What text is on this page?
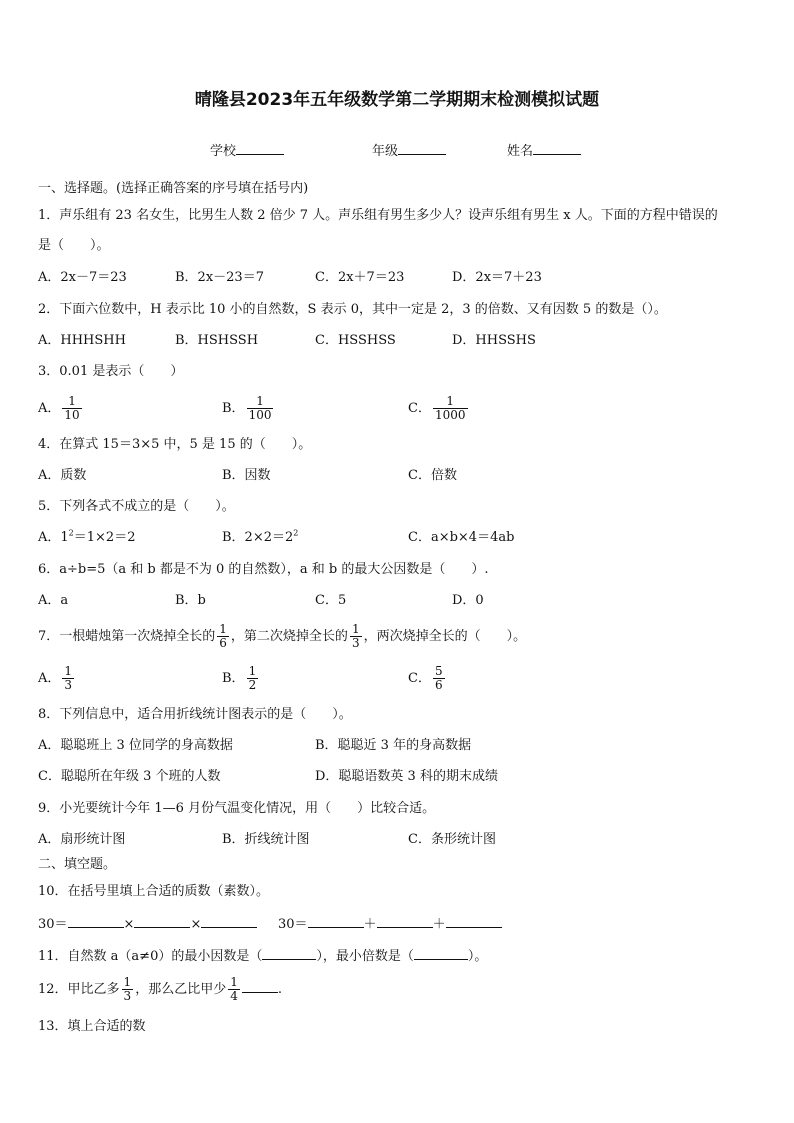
晴隆县2023年五年级数学第二学期期末检测模拟试题
学校	年级	姓名
一、选择题。(选择正确答案的序号填在括号内)
1．声乐组有 23 名女生，比男生人数 2 倍少 7 人。声乐组有男生多少人？设声乐组有男生 x 人。下面的方程中错误的
是（　　）。
A．2x－7＝23	B．2x－23＝7	C．2x＋7＝23	D．2x＝7＋23
2．下面六位数中，H 表示比 10 小的自然数，S 表示 0，其中一定是 2，3 的倍数、又有因数 5 的数是（）。
A．HHHSHH	B．HSHSSH	C．HSSHSS	D．HHSSHS
3．0.01 是表示（　　）
A． $\frac{1}{10}$	B． $\frac{1}{100}$	C． $\frac{1}{1000}$
4．在算式 15＝3×5 中，5 是 15 的（　　）。
A．质数	B．因数	C．倍数
5．下列各式不成立的是（　　）。
A．$1^2=1\times 2=2$	B．$2\times 2=2^2$	C．a×b×4＝4ab
6．a÷b=5（a 和 b 都是不为 0 的自然数），a 和 b 的最大公因数是（　　）.
A．a	B．b	C．5	D．0
7．一根蜡烛第一次烧掉全长的 $\frac{1}{6}$ ，第二次烧掉全长的 $\frac{1}{3}$ ，两次烧掉全长的（　　）。
A． $\frac{1}{3}$	B． $\frac{1}{2}$	C． $\frac{5}{6}$
8．下列信息中，适合用折线统计图表示的是（　　）。
A．聪聪班上 3 位同学的身高数据	B．聪聪近 3 年的身高数据
C．聪聪所在年级 3 个班的人数	D．聪聪语数英 3 科的期末成绩
9．小光要统计今年 1—6 月份气温变化情况，用（　　）比较合适。
A．扇形统计图	B．折线统计图	C．条形统计图
二、填空题。
10．在括号里填上合适的质数（素数）。
30＝	×	×	30＝	＋	＋
11．自然数 a（a≠0）的最小因数是（	），最小倍数是（	）。
12．甲比乙多 $\frac{1}{3}$ ，那么乙比甲少 $\frac{1}{4}$	.
13．填上合适的数
